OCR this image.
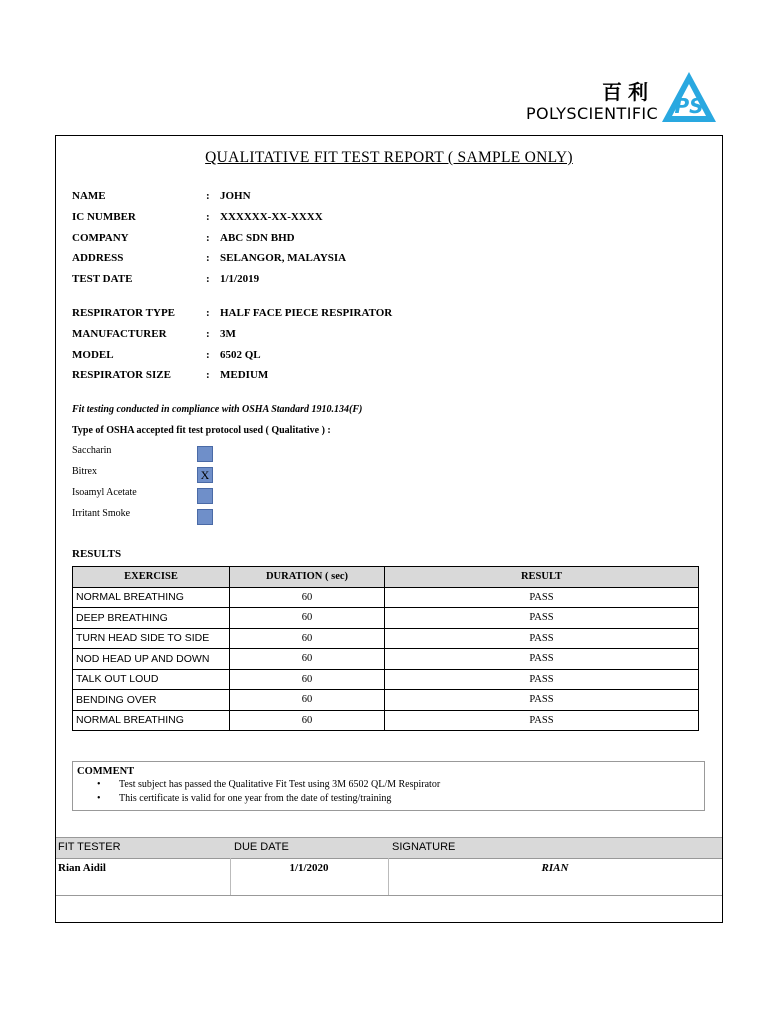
百利
POLYSCIENTIFIC PS
QUALITATIVE FIT TEST REPORT ( SAMPLE ONLY)
NAME	: JOHN
IC NUMBER	: XXXXXX-XX-XXXX
COMPANY	: ABC SDN BHD
ADDRESS	: SELANGOR, MALAYSIA
TEST DATE	: 1/1/2019
RESPIRATOR TYPE	: HALF FACE PIECE RESPIRATOR
MANUFACTURER	: 3M
MODEL	: 6502 QL
RESPIRATOR SIZE	: MEDIUM
Fit testing conducted in compliance with OSHA Standard 1910.134(F)
Type of OSHA accepted fit test protocol used ( Qualitative ) :
Saccharin
Bitrex	X
Isoamyl Acetate
Irritant Smoke
RESULTS
EXERCISE	DURATION ( sec)	RESULT
NORMAL BREATHING	60	PASS
DEEP BREATHING	60	PASS
TURN HEAD SIDE TO SIDE	60	PASS
NOD HEAD UP AND DOWN	60	PASS
TALK OUT LOUD	60	PASS
BENDING OVER	60	PASS
NORMAL BREATHING	60	PASS
COMMENT
• Test subject has passed the Qualitative Fit Test using 3M 6502 QL/M Respirator
• This certificate is valid for one year from the date of testing/training
FIT TESTER	DUE DATE	SIGNATURE
Rian Aidil	1/1/2020	RIAN
